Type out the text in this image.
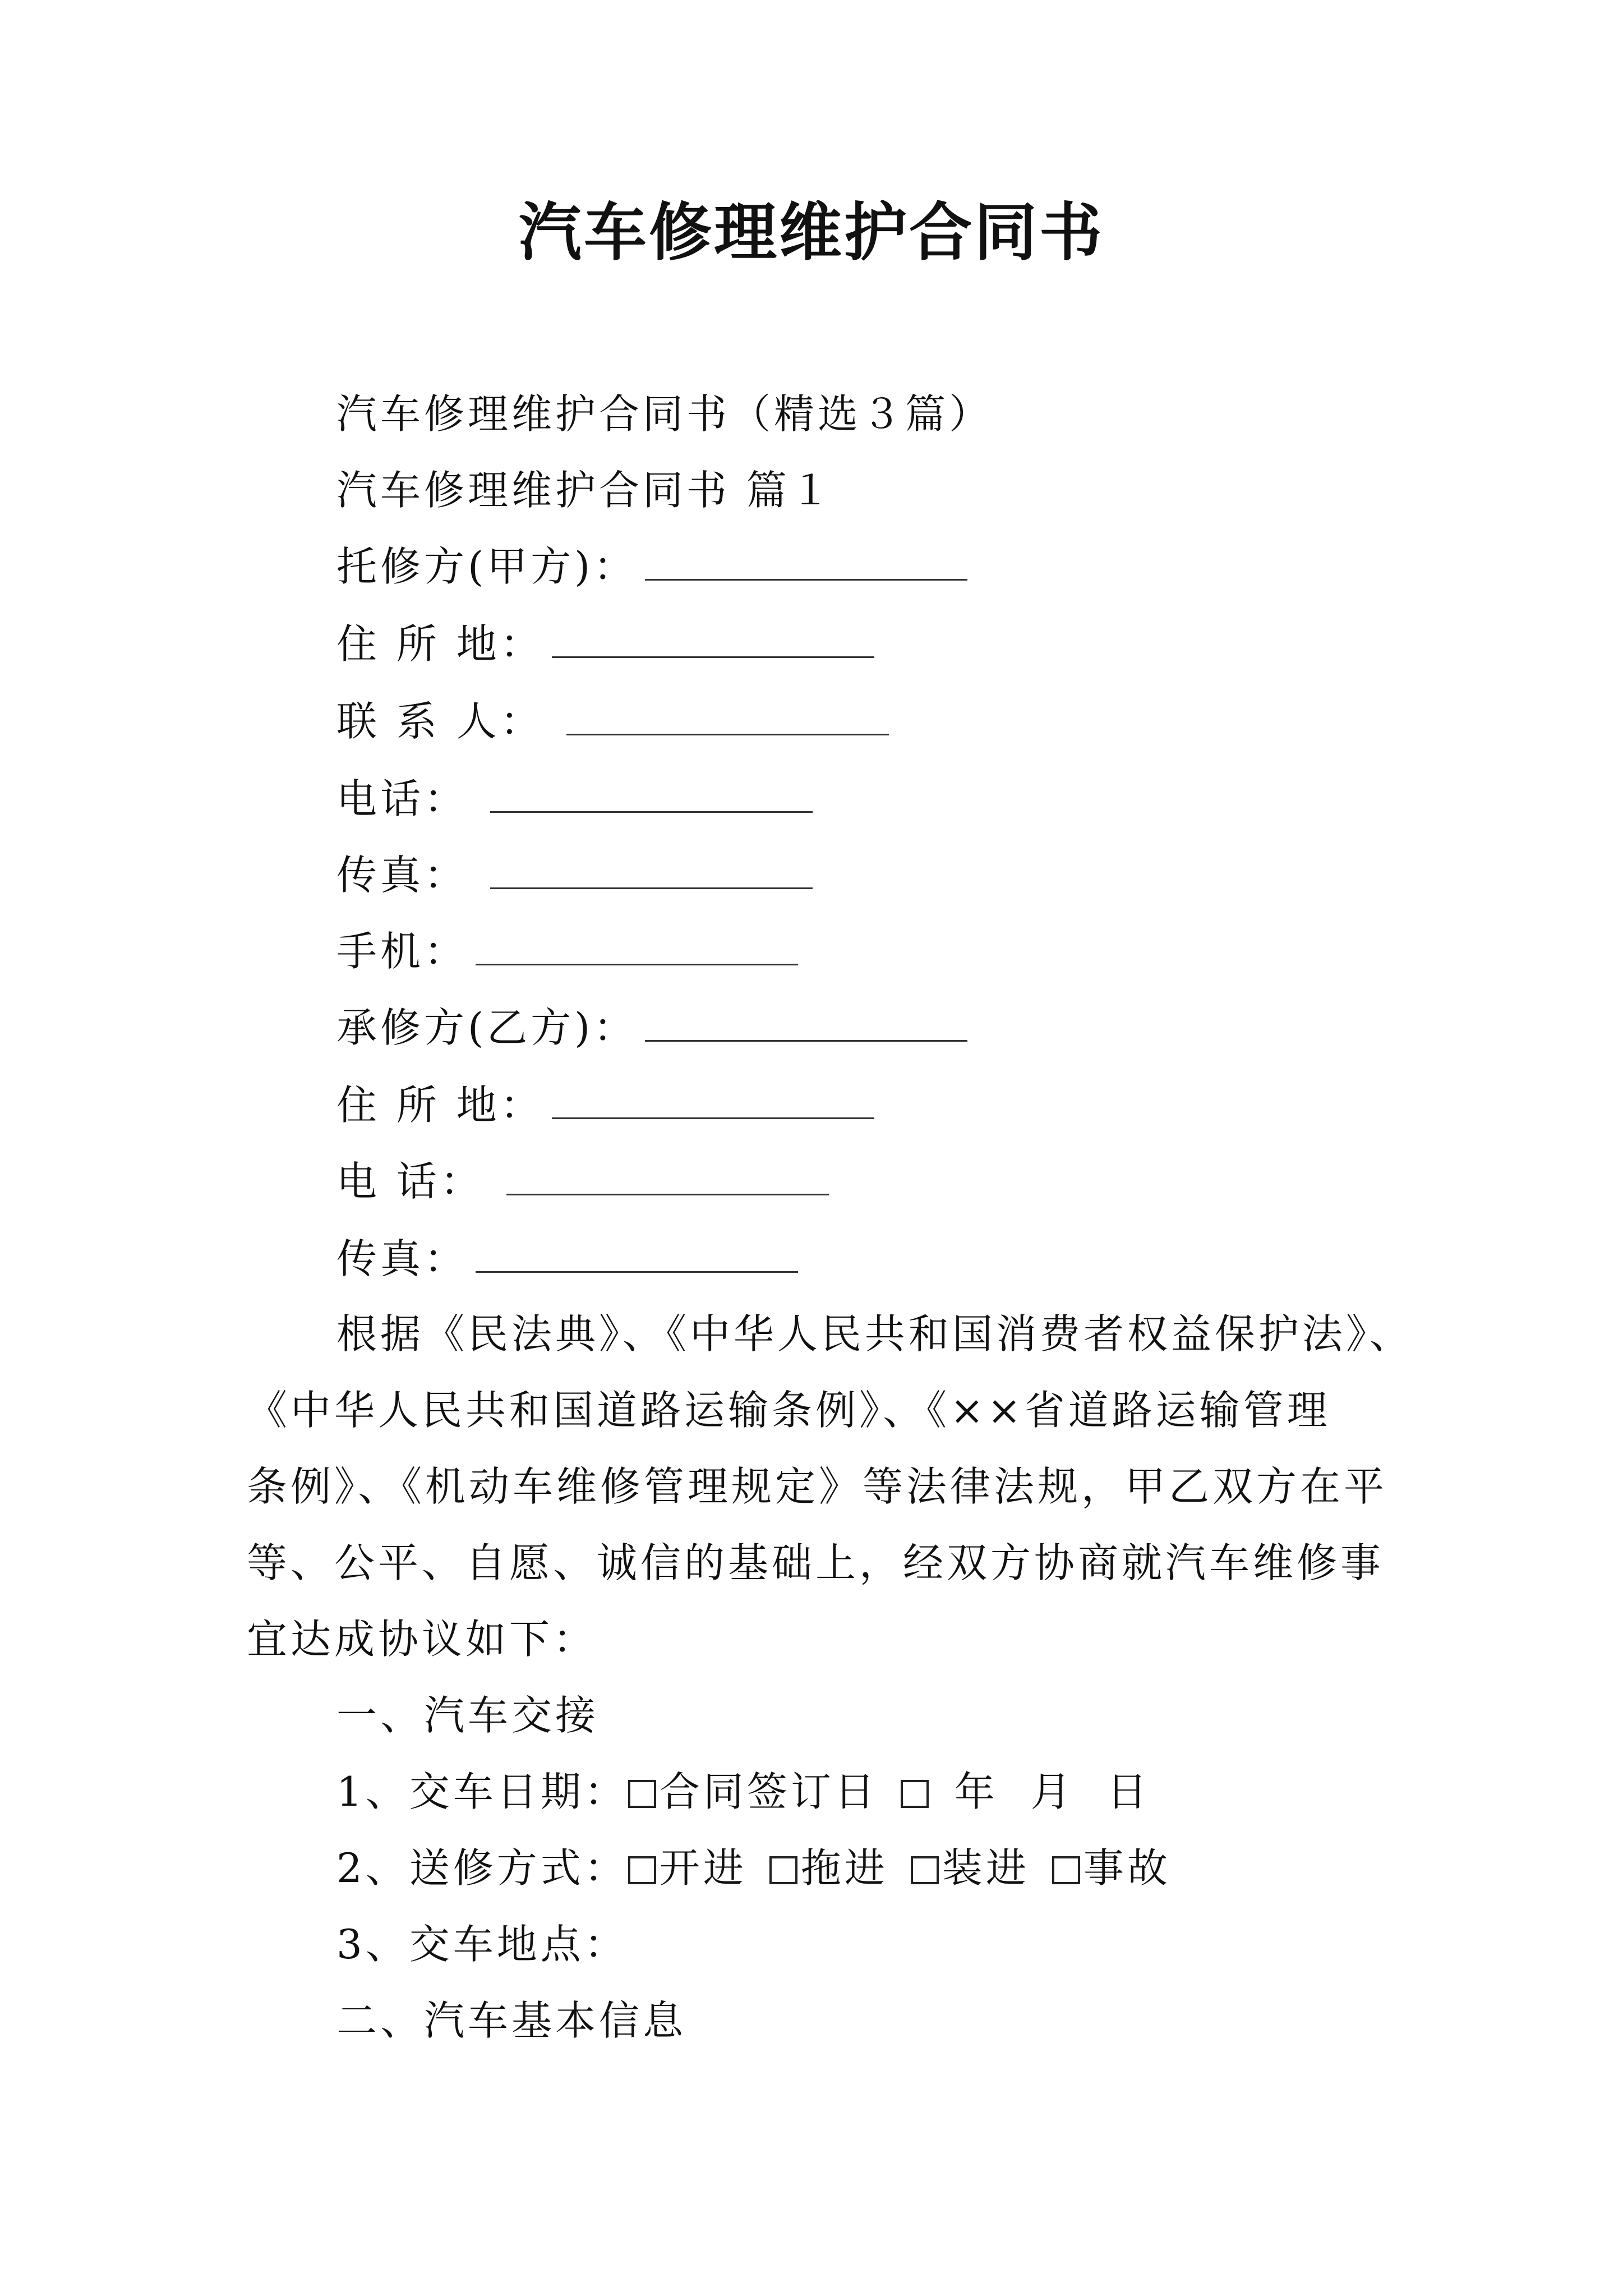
汽车修理维护合同书
汽车修理维护合同书（精选３篇）
汽车修理维护合同书 篇１
托修方(甲方)：
住 所 地：
联 系 人：
电话：
传真：
手机：
承修方(乙方)：
住 所 地：
电 话：
传真：
根据《民法典》、《中华人民共和国消费者权益保护法》、
《中华人民共和国道路运输条例》、《××省道路运输管理
条例》、《机动车维修管理规定》等法律法规，甲乙双方在平
等、公平、自愿、诚信的基础上，经双方协商就汽车维修事
宜达成协议如下：
一、汽车交接
1、交车日期： 合同签订日 年  月  日
2、送修方式： 开进 拖进 装进 事故
3、交车地点：
二、汽车基本信息
